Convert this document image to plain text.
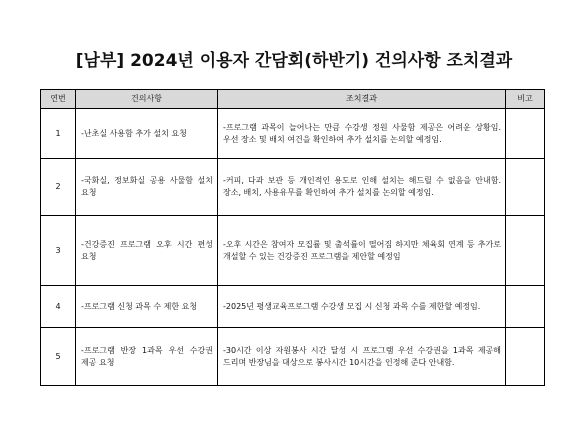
[남부] 2024년 이용자 간담회(하반기) 건의사항 조치결과
연번	건의사항	조치결과	비고
1	-난초실 사용함 추가 설치 요청	-프로그램 과목이 늘어나는 만큼 수강생 정원 사물함 제공은 어려운 상황임. 우선 장소 및 배치 여건을 확인하여 추가 설치를 논의할 예정임.	
2	-국화실, 정보화실 공용 사물함 설치 요청	-커피, 다과 보관 등 개인적인 용도로 인해 설치는 해드릴 수 없음을 안내함. 장소, 배치, 사용유무를 확인하여 추가 설치를 논의할 예정임.	
3	-건강증진 프로그램 오후 시간 편성 요청	-오후 시간은 참여자 모집률 및 출석률이 떨어짐 하지만 체육회 연계 등 추가로 개설할 수 있는 건강증진 프로그램을 제안할 예정임	
4	-프로그램 신청 과목 수 제한 요청	-2025년 평생교육프로그램 수강생 모집 시 신청 과목 수를 제한할 예정임.	
5	-프로그램 반장 1과목 우선 수강권 제공 요청	-30시간 이상 자원봉사 시간 달성 시 프로그램 우선 수강권을 1과목 제공해 드리며 반장님을 대상으로 봉사시간 10시간을 인정해 준다 안내함.	
